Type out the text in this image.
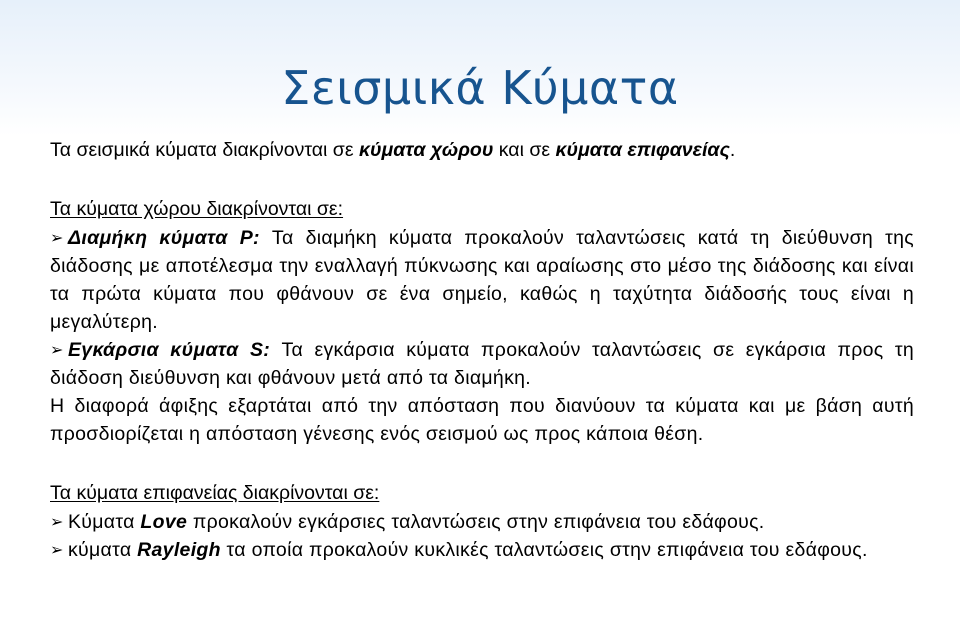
Σεισμικά Κύματα

Τα σεισμικά κύματα διακρίνονται σε κύματα χώρου και σε κύματα επιφανείας.

Τα κύματα χώρου διακρίνονται σε:

➢ Διαμήκη κύματα P: Τα διαμήκη κύματα προκαλούν ταλαντώσεις κατά τη διεύθυνση της διάδοσης με αποτέλεσμα την εναλλαγή πύκνωσης και αραίωσης στο μέσο της διάδοσης και είναι τα πρώτα κύματα που φθάνουν σε ένα σημείο, καθώς η ταχύτητα διάδοσής τους είναι η μεγαλύτερη.

➢ Εγκάρσια κύματα S: Τα εγκάρσια κύματα προκαλούν ταλαντώσεις σε εγκάρσια προς τη διάδοση διεύθυνση και φθάνουν μετά από τα διαμήκη.

Η διαφορά άφιξης εξαρτάται από την απόσταση που διανύουν τα κύματα και με βάση αυτή προσδιορίζεται η απόσταση γένεσης ενός σεισμού ως προς κάποια θέση.

Τα κύματα επιφανείας διακρίνονται σε:

➢ Κύματα Love προκαλούν εγκάρσιες ταλαντώσεις στην επιφάνεια του εδάφους.

➢ κύματα Rayleigh τα οποία προκαλούν κυκλικές ταλαντώσεις στην επιφάνεια του εδάφους.
